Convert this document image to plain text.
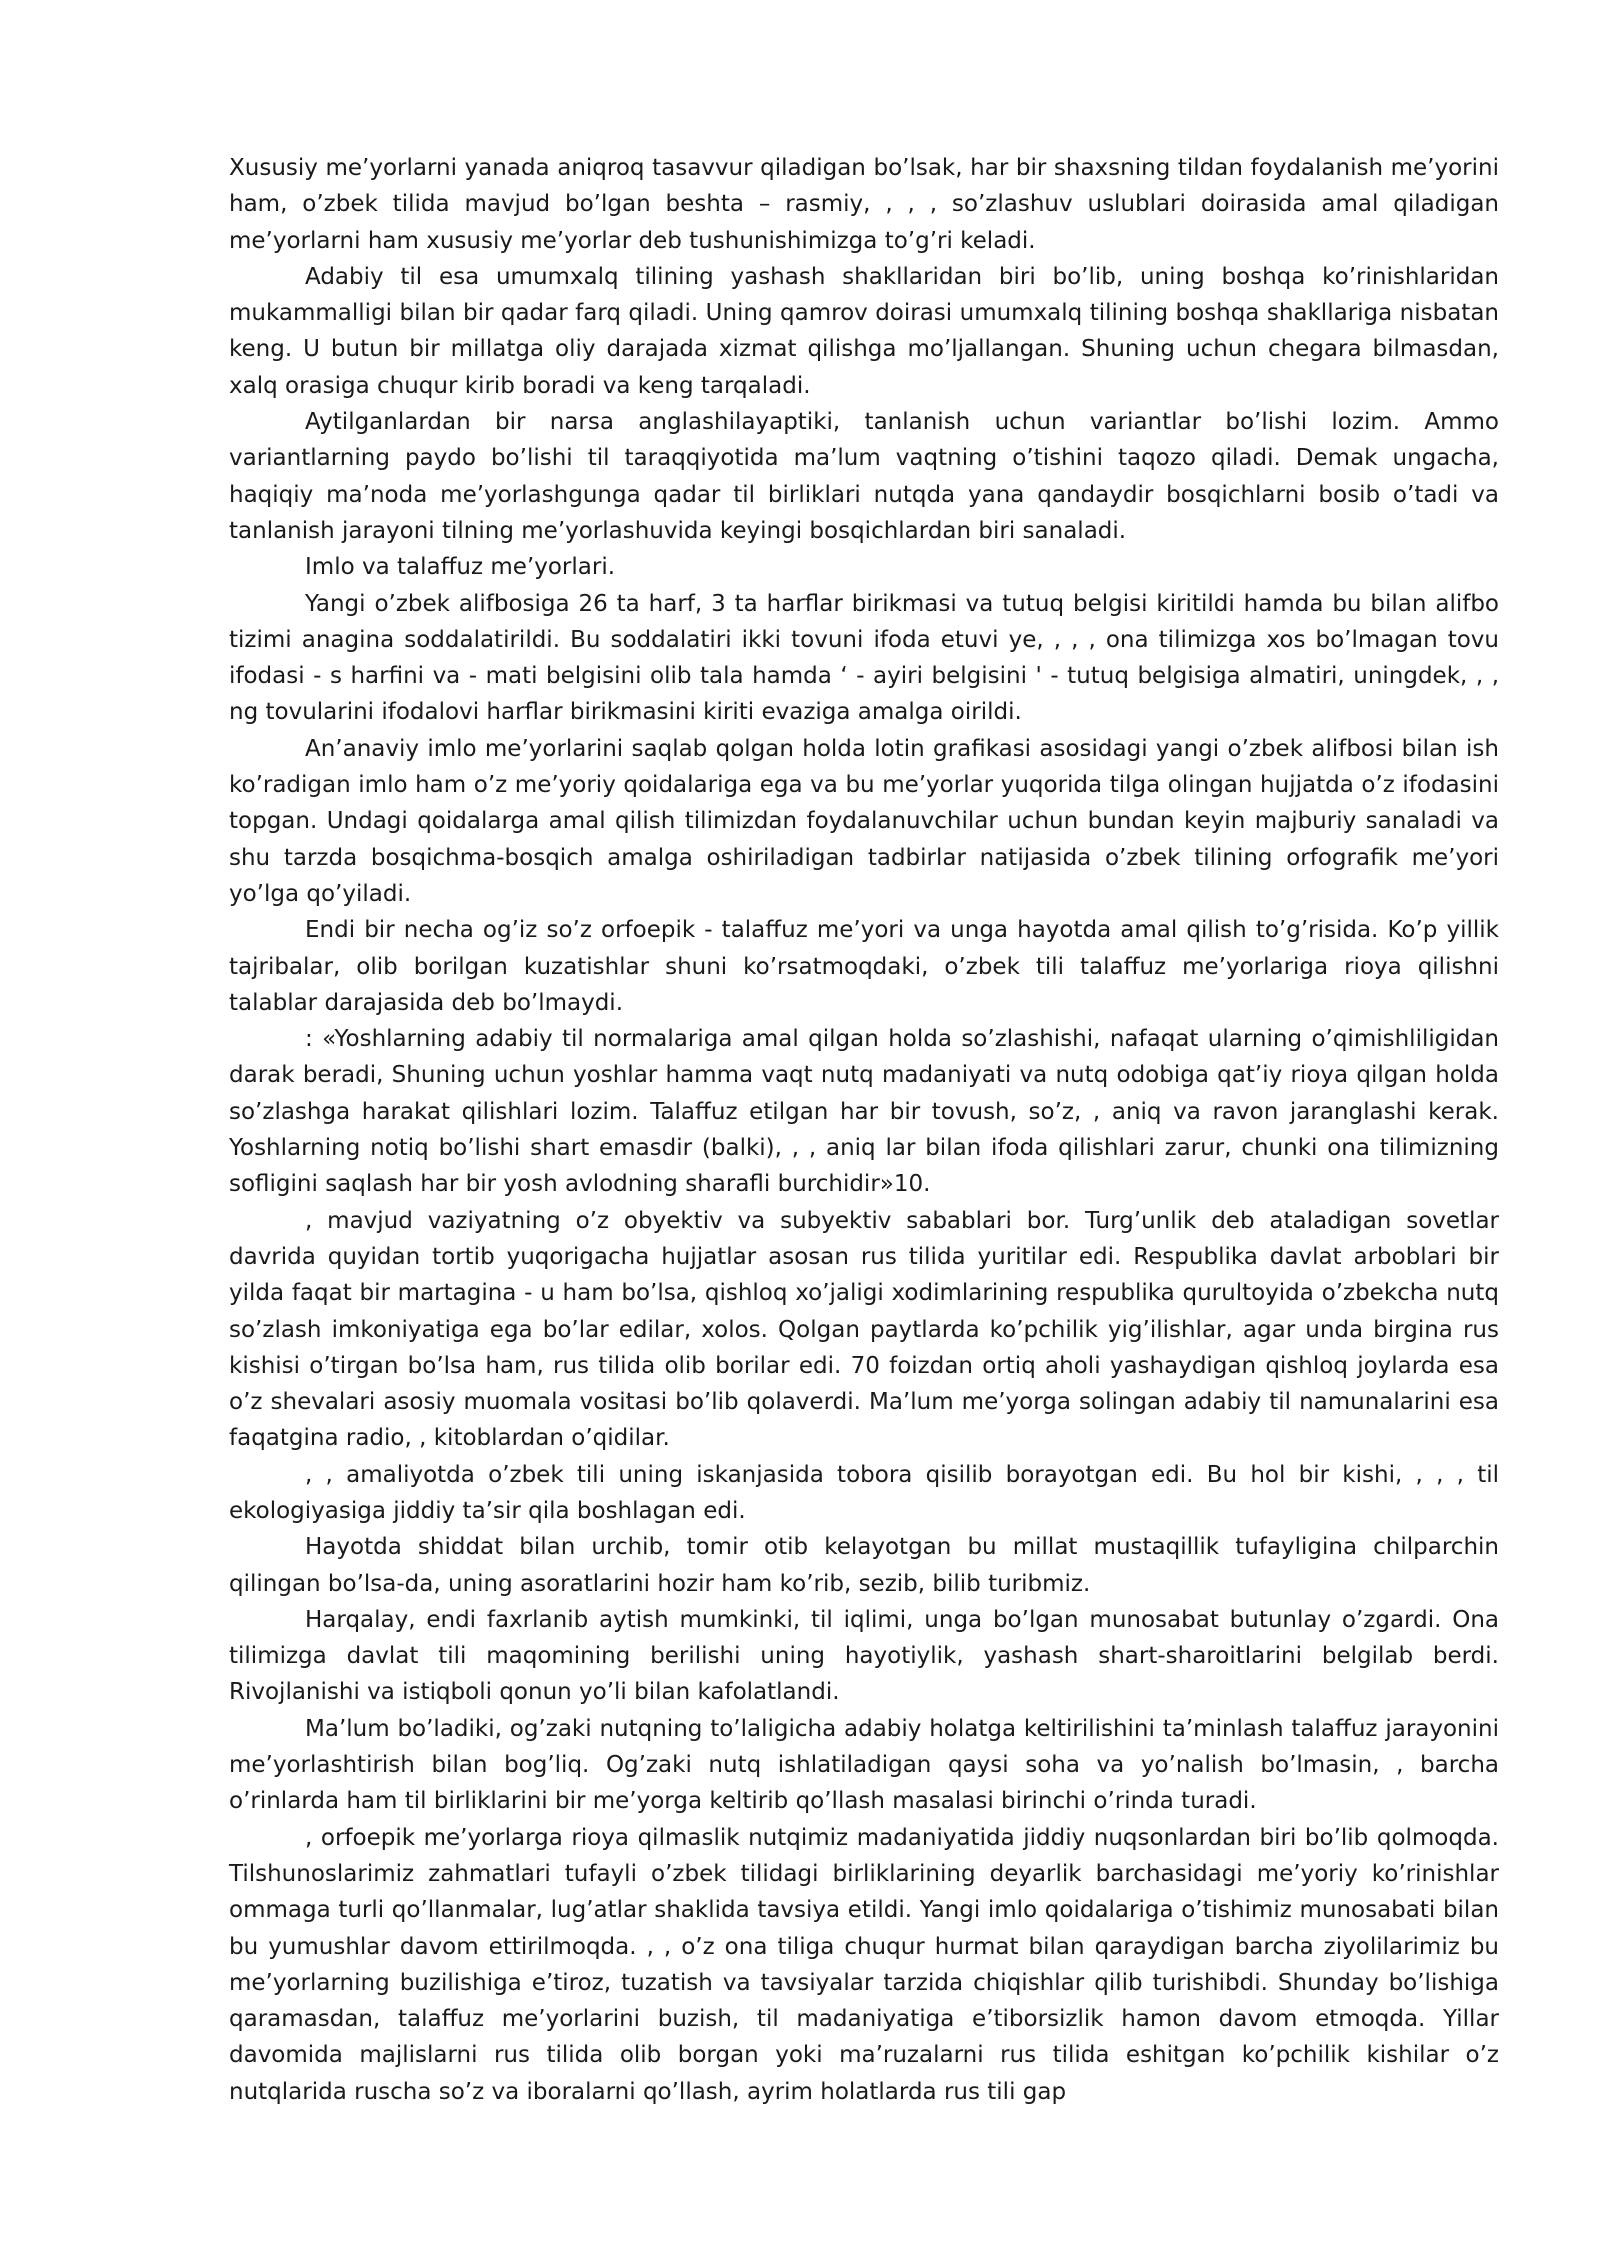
Xususiy me’yorlarni yanada aniqroq tasavvur qiladigan bo’lsak, har bir shaxsning tildan foydalanish me’yorini ham, o’zbek tilida mavjud bo’lgan beshta – rasmiy, , , , so’zlashuv uslublari doirasida amal qiladigan me’yorlarni ham xususiy me’yorlar deb tushunishimizga to’g’ri keladi.

Adabiy til esa umumxalq tilining yashash shakllaridan biri bo’lib, uning boshqa ko’rinishlaridan mukammalligi bilan bir qadar farq qiladi. Uning qamrov doirasi umumxalq tilining boshqa shakllariga nisbatan keng. U butun bir millatga oliy darajada xizmat qilishga mo’ljallangan. Shuning uchun chegara bilmasdan, xalq orasiga chuqur kirib boradi va keng tarqaladi.

Aytilganlardan bir narsa anglashilayaptiki, tanlanish uchun variantlar bo’lishi lozim. Ammo variantlarning paydo bo’lishi til taraqqiyotida ma’lum vaqtning o’tishini taqozo qiladi. Demak ungacha, haqiqiy ma’noda me’yorlashgunga qadar til birliklari nutqda yana qandaydir bosqichlarni bosib o’tadi va tanlanish jarayoni tilning me’yorlashuvida keyingi bosqichlardan biri sanaladi.

Imlo va talaffuz me’yorlari.

Yangi o’zbek alifbosiga 26 ta harf, 3 ta harflar birikmasi va tutuq belgisi kiritildi hamda bu bilan alifbo tizimi anagina soddalatirildi. Bu soddalatiri ikki tovuni ifoda etuvi ye, , , , ona tilimizga xos bo’lmagan tovu ifodasi - s harfini va - mati belgisini olib tala hamda ‘ - ayiri belgisini ' - tutuq belgisiga almatiri, uningdek, , , ng tovularini ifodalovi harflar birikmasini kiriti evaziga amalga oirildi.

An’anaviy imlo me’yorlarini saqlab qolgan holda lotin grafikasi asosidagi yangi o’zbek alifbosi bilan ish ko’radigan imlo ham o’z me’yoriy qoidalariga ega va bu me’yorlar yuqorida tilga olingan hujjatda o’z ifodasini topgan. Undagi qoidalarga amal qilish tilimizdan foydalanuvchilar uchun bundan keyin majburiy sanaladi va shu tarzda bosqichma-bosqich amalga oshiriladigan tadbirlar natijasida o’zbek tilining orfografik me’yori yo’lga qo’yiladi.

Endi bir necha og’iz so’z orfoepik - talaffuz me’yori va unga hayotda amal qilish to’g’risida. Ko’p yillik tajribalar, olib borilgan kuzatishlar shuni ko’rsatmoqdaki, o’zbek tili talaffuz me’yorlariga rioya qilishni talablar darajasida deb bo’lmaydi.

: «Yoshlarning adabiy til normalariga amal qilgan holda so’zlashishi, nafaqat ularning o’qimishliligidan darak beradi, Shuning uchun yoshlar hamma vaqt nutq madaniyati va nutq odobiga qat’iy rioya qilgan holda so’zlashga harakat qilishlari lozim. Talaffuz etilgan har bir tovush, so’z, , aniq va ravon jaranglashi kerak. Yoshlarning notiq bo’lishi shart emasdir (balki), , , aniq lar bilan ifoda qilishlari zarur, chunki ona tilimizning sofligini saqlash har bir yosh avlodning sharafli burchidir»10.

, mavjud vaziyatning o’z obyektiv va subyektiv sabablari bor. Turg’unlik deb ataladigan sovetlar davrida quyidan tortib yuqorigacha hujjatlar asosan rus tilida yuritilar edi. Respublika davlat arboblari bir yilda faqat bir martagina - u ham bo’lsa, qishloq xo’jaligi xodimlarining respublika qurultoyida o’zbekcha nutq so’zlash imkoniyatiga ega bo’lar edilar, xolos. Qolgan paytlarda ko’pchilik yig’ilishlar, agar unda birgina rus kishisi o’tirgan bo’lsa ham, rus tilida olib borilar edi. 70 foizdan ortiq aholi yashaydigan qishloq joylarda esa o’z shevalari asosiy muomala vositasi bo’lib qolaverdi. Ma’lum me’yorga solingan adabiy til namunalarini esa faqatgina radio, , kitoblardan o’qidilar.

, , amaliyotda o’zbek tili uning iskanjasida tobora qisilib borayotgan edi. Bu hol bir kishi, , , , til ekologiyasiga jiddiy ta’sir qila boshlagan edi.

Hayotda shiddat bilan urchib, tomir otib kelayotgan bu millat mustaqillik tufayligina chilparchin qilingan bo’lsa-da, uning asoratlarini hozir ham ko’rib, sezib, bilib turibmiz.

Harqalay, endi faxrlanib aytish mumkinki, til iqlimi, unga bo’lgan munosabat butunlay o’zgardi. Ona tilimizga davlat tili maqomining berilishi uning hayotiylik, yashash shart-sharoitlarini belgilab berdi. Rivojlanishi va istiqboli qonun yo’li bilan kafolatlandi.

Ma’lum bo’ladiki, og’zaki nutqning to’laligicha adabiy holatga keltirilishini ta’minlash talaffuz jarayonini me’yorlashtirish bilan bog’liq. Og’zaki nutq ishlatiladigan qaysi soha va yo’nalish bo’lmasin, , barcha o’rinlarda ham til birliklarini bir me’yorga keltirib qo’llash masalasi birinchi o’rinda turadi.

, orfoepik me’yorlarga rioya qilmaslik nutqimiz madaniyatida jiddiy nuqsonlardan biri bo’lib qolmoqda. Tilshunoslarimiz zahmatlari tufayli o’zbek tilidagi birliklarining deyarlik barchasidagi me’yoriy ko’rinishlar ommaga turli qo’llanmalar, lug’atlar shaklida tavsiya etildi. Yangi imlo qoidalariga o’tishimiz munosabati bilan bu yumushlar davom ettirilmoqda. , , o’z ona tiliga chuqur hurmat bilan qaraydigan barcha ziyolilarimiz bu me’yorlarning buzilishiga e’tiroz, tuzatish va tavsiyalar tarzida chiqishlar qilib turishibdi. Shunday bo’lishiga qaramasdan, talaffuz me’yorlarini buzish, til madaniyatiga e’tiborsizlik hamon davom etmoqda. Yillar davomida majlislarni rus tilida olib borgan yoki ma’ruzalarni rus tilida eshitgan ko’pchilik kishilar o’z nutqlarida ruscha so’z va iboralarni qo’llash, ayrim holatlarda rus tili gap
